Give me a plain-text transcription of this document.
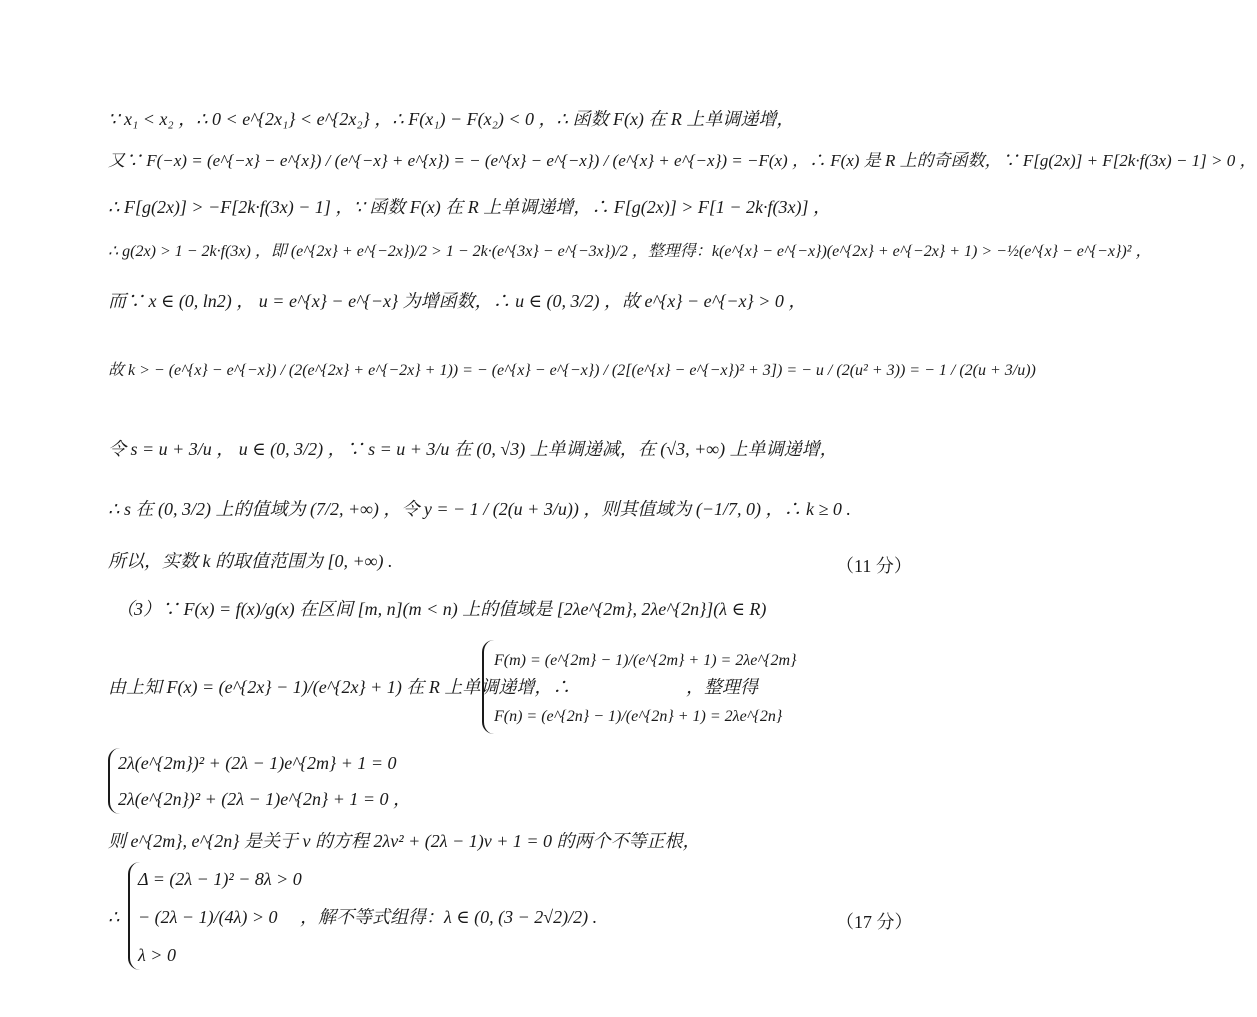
∵ x₁ < x₂ ，∴ 0 < e^{2x₁} < e^{2x₂} ，∴ F(x₁) − F(x₂) < 0 ，∴ 函数 F(x) 在 R 上单调递增，
又∵ F(−x) = (e^{−x} − e^{x}) / (e^{−x} + e^{x}) = − (e^{x} − e^{−x}) / (e^{x} + e^{−x}) = −F(x) ，∴ F(x) 是 R 上的奇函数，∵ F[g(2x)] + F[2k·f(3x) − 1] > 0 ，
∴ F[g(2x)] > −F[2k·f(3x) − 1] ，∵ 函数 F(x) 在 R 上单调递增，∴ F[g(2x)] > F[1 − 2k·f(3x)] ，
∴ g(2x) > 1 − 2k·f(3x) ，即 (e^{2x} + e^{−2x})/2 > 1 − 2k·(e^{3x} − e^{−3x})/2 ，整理得：k(e^{x} − e^{−x})(e^{2x} + e^{−2x} + 1) > −½(e^{x} − e^{−x})² ，
而∵ x ∈ (0, ln2) ， u = e^{x} − e^{−x} 为增函数，∴ u ∈ (0, 3/2) ，故 e^{x} − e^{−x} > 0 ，
故 k > − (e^{x} − e^{−x}) / (2(e^{2x} + e^{−2x} + 1)) = − (e^{x} − e^{−x}) / (2[(e^{x} − e^{−x})² + 3]) = − u / (2(u² + 3)) = − 1 / (2(u + 3/u))
令 s = u + 3/u ， u ∈ (0, 3/2) ，∵ s = u + 3/u 在 (0, √3) 上单调递减，在 (√3, +∞) 上单调递增，
∴ s 在 (0, 3/2) 上的值域为 (7/2, +∞) ，令 y = − 1 / (2(u + 3/u)) ，则其值域为 (−1/7, 0) ，∴ k ≥ 0 .
所以，实数 k 的取值范围为 [0, +∞) .	（11 分）
（3）∵ F(x) = f(x)/g(x) 在区间 [m, n](m < n) 上的值域是 [2λe^{2m}, 2λe^{2n}](λ ∈ R)
由上知 F(x) = (e^{2x} − 1)/(e^{2x} + 1) 在 R 上单调递增，∴
F(m) = (e^{2m} − 1)/(e^{2m} + 1) = 2λe^{2m}
F(n) = (e^{2n} − 1)/(e^{2n} + 1) = 2λe^{2n}
，整理得
2λ(e^{2m})² + (2λ − 1)e^{2m} + 1 = 0
2λ(e^{2n})² + (2λ − 1)e^{2n} + 1 = 0 ，
则 e^{2m}, e^{2n} 是关于 v 的方程 2λv² + (2λ − 1)v + 1 = 0 的两个不等正根，
∴
Δ = (2λ − 1)² − 8λ > 0
− (2λ − 1)/(4λ) > 0
λ > 0
，解不等式组得：λ ∈ (0, (3 − 2√2)/2) .	（17 分）
